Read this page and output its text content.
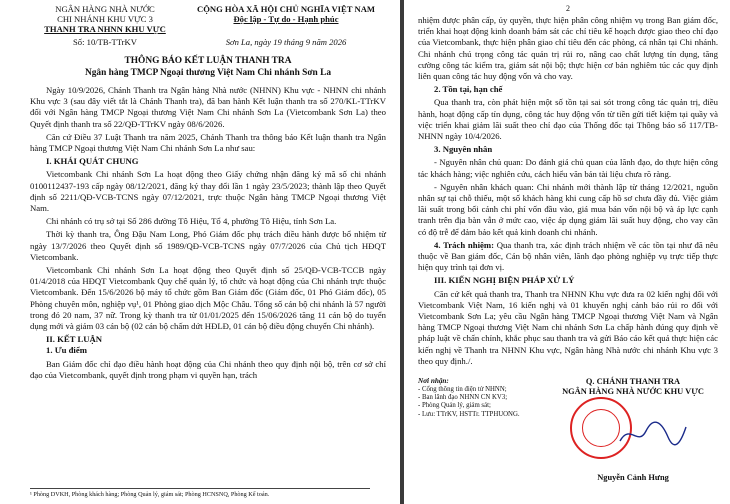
NGÂN HÀNG NHÀ NƯỚC
CHI NHÁNH KHU VỰC 3
THANH TRA NHNN KHU VỰC
CỘNG HÒA XÃ HỘI CHỦ NGHĨA VIỆT NAM
Độc lập - Tự do - Hạnh phúc
Số: 10/TB-TTrKV	Sơn La, ngày 19 tháng 9 năm 2026
THÔNG BÁO KẾT LUẬN THANH TRA
Ngân hàng TMCP Ngoại thương Việt Nam Chi nhánh Sơn La

Ngày 10/9/2026, Chánh Thanh tra Ngân hàng Nhà nước (NHNN) Khu vực - NHNN chi nhánh Khu vực 3 (sau đây viết tắt là Chánh Thanh tra), đã ban hành Kết luận thanh tra số 270/KL-TTrKV đối với Ngân hàng TMCP Ngoại thương Việt Nam Chi nhánh Sơn La (Vietcombank Sơn La) theo Quyết định thanh tra số 22/QĐ-TTrKV ngày 08/6/2026.

Căn cứ Điều 37 Luật Thanh tra năm 2025, Chánh Thanh tra thông báo Kết luận thanh tra Ngân hàng TMCP Ngoại thương Việt Nam Chi nhánh Sơn La như sau:

I. KHÁI QUÁT CHUNG

Vietcombank Chi nhánh Sơn La hoạt động theo Giấy chứng nhận đăng ký mã số chi nhánh 0100112437-193 cấp ngày 08/12/2021, đăng ký thay đổi lần 1 ngày 23/5/2023; thành lập theo Quyết định số 2211/QĐ-VCB-TCNS ngày 07/12/2021, trực thuộc Ngân hàng TMCP Ngoại thương Việt Nam.

Chi nhánh có trụ sở tại Số 286 đường Tô Hiệu, Tổ 4, phường Tô Hiệu, tỉnh Sơn La.

Thời kỳ thanh tra, Ông Đậu Nam Long, Phó Giám đốc phụ trách điều hành được bổ nhiệm từ ngày 13/7/2026 theo Quyết định số 1989/QĐ-VCB-TCNS ngày 07/7/2026 của Chủ tịch HĐQT Vietcombank.

Vietcombank Chi nhánh Sơn La hoạt động theo Quyết định số 25/QĐ-VCB-TCCB ngày 01/4/2018 của HĐQT Vietcombank Quy chế quản lý, tổ chức và hoạt động của Chi nhánh trực thuộc Vietcombank. Đến 15/6/2026 bộ máy tổ chức gồm Ban Giám đốc (Giám đốc, 01 Phó Giám đốc), 05 Phòng chuyên môn, nghiệp vụ¹, 01 Phòng giao dịch Mộc Châu. Tổng số cán bộ chi nhánh là 57 người trong đó 20 nam, 37 nữ. Trong kỳ thanh tra từ 01/01/2025 đến 15/06/2026 tăng 11 cán bộ do tuyển dụng mới và giảm 03 cán bộ (02 cán bộ chấm dứt HĐLĐ, 01 cán bộ điều động chuyển Chi nhánh).

II. KẾT LUẬN

1. Ưu điểm

Ban Giám đốc chỉ đạo điều hành hoạt động của Chi nhánh theo quy định nội bộ, trên cơ sở chỉ đạo của Vietcombank, quyết định trong phạm vi quyền hạn, trách

¹ Phòng DVKH, Phòng khách hàng; Phòng Quản lý, giám sát; Phòng HCNSNQ, Phòng Kế toán.
2

nhiệm được phân cấp, ủy quyền, thực hiện phân công nhiệm vụ trong Ban giám đốc, triển khai hoạt động kinh doanh bám sát các chỉ tiêu kế hoạch được giao theo chỉ đạo của Vietcombank, thực hiện phân giao chỉ tiêu đến các phòng, cá nhân tại Chi nhánh. Chi nhánh chú trọng công tác quản trị rủi ro, nâng cao chất lượng tín dụng, tăng cường công tác kiểm tra, giám sát nội bộ; thực hiện cơ bản nghiêm túc các quy định liên quan công tác huy động vốn và cho vay.

2. Tồn tại, hạn chế

Qua thanh tra, còn phát hiện một số tồn tại sai sót trong công tác quản trị, điều hành, hoạt động cấp tín dụng, công tác huy động vốn từ tiền gửi tiết kiệm tại quầy và việc triển khai giảm lãi suất theo chỉ đạo của Thống đốc tại Thông báo số 117/TB-NHNN ngày 10/4/2026.

3. Nguyên nhân

- Nguyên nhân chủ quan: Do đánh giá chủ quan của lãnh đạo, do thực hiện công tác khách hàng; việc nghiên cứu, cách hiểu văn bản tài liệu chưa rõ ràng.

- Nguyên nhân khách quan: Chi nhánh mới thành lập từ tháng 12/2021, nguồn nhân sự tại chỗ thiếu, một số khách hàng khi cung cấp hồ sơ chưa đầy đủ. Việc giảm lãi suất trong bối cảnh chi phí vốn đầu vào, giá mua bán vốn nội bộ và áp lực cạnh tranh trên địa bàn vẫn ở mức cao, việc áp dụng giảm lãi suất huy động, cho vay cần có độ trễ để đảm bảo kết quả kinh doanh chi nhánh.

4. Trách nhiệm: Qua thanh tra, xác định trách nhiệm về các tồn tại như đã nêu thuộc về Ban giám đốc, Cán bộ nhân viên, lãnh đạo phòng nghiệp vụ trực tiếp thực hiện quy trình tại đơn vị.

III. KIẾN NGHỊ BIỆN PHÁP XỬ LÝ

Căn cứ kết quả thanh tra, Thanh tra NHNN Khu vực đưa ra 02 kiến nghị đối với Vietcombank Việt Nam, 16 kiến nghị và 01 khuyến nghị cảnh báo rủi ro đối với Vietcombank Sơn La; yêu cầu Ngân hàng TMCP Ngoại thương Việt Nam và Ngân hàng TMCP Ngoại thương Việt Nam chi nhánh Sơn La chấp hành đúng quy định về pháp luật về chấn chỉnh, khắc phục sau thanh tra và gửi Báo cáo kết quả thực hiện các kiến nghị về Thanh tra NHNN Khu vực, Ngân hàng Nhà nước chi nhánh Khu vực 3 theo quy định./.

Nơi nhận:
- Cổng thông tin điện tử NHNN;
- Ban lãnh đạo NHNN CN KV3;
- Phòng Quản lý, giám sát;
- Lưu: TTrKV, HSTTr. TTPHUONG.
Q. CHÁNH THANH TRA
NGÂN HÀNG NHÀ NƯỚC KHU VỰC
Nguyễn Cảnh Hưng
